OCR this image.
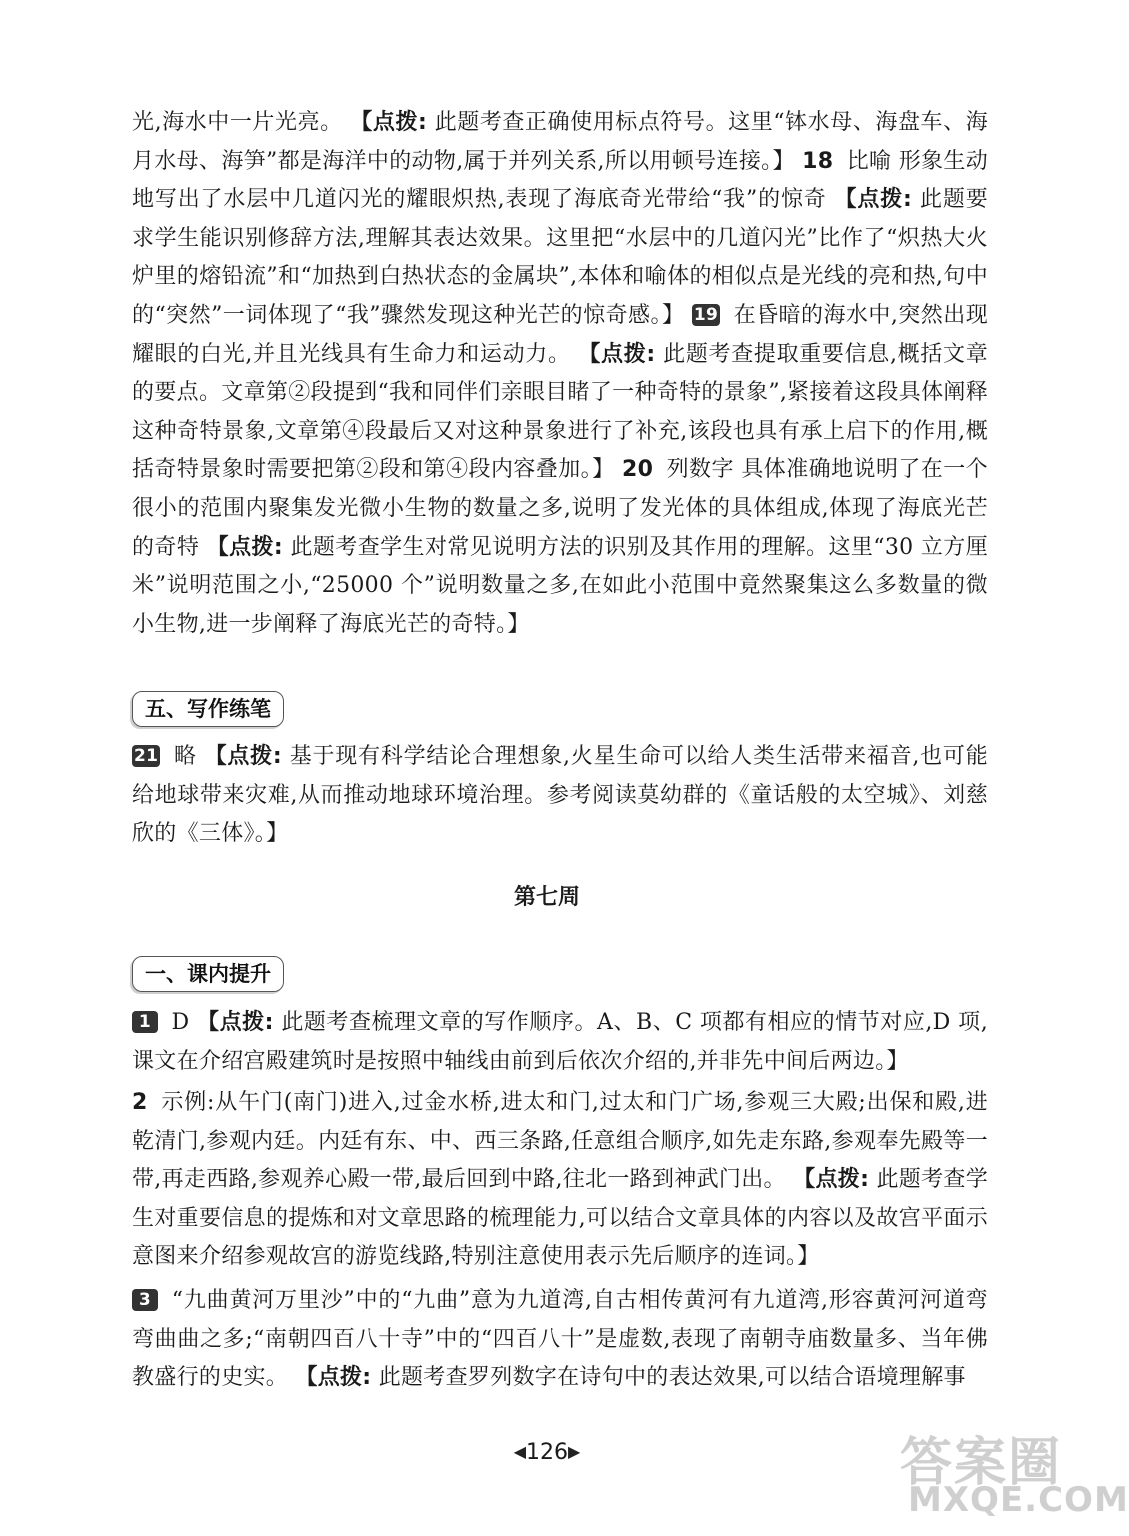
光,海水中一片光亮。 【点拨: 此题考查正确使用标点符号。这里“钵水母、海盘车、海月水母、海笋”都是海洋中的动物,属于并列关系,所以用顿号连接。】 18 比喻 形象生动地写出了水层中几道闪光的耀眼炽热,表现了海底奇光带给“我”的惊奇 【点拨: 此题要求学生能识别修辞方法,理解其表达效果。这里把“水层中的几道闪光”比作了“炽热大火炉里的熔铅流”和“加热到白热状态的金属块”,本体和喻体的相似点是光线的亮和热,句中的“突然”一词体现了“我”骤然发现这种光芒的惊奇感。】 19 在昏暗的海水中,突然出现耀眼的白光,并且光线具有生命力和运动力。 【点拨: 此题考查提取重要信息,概括文章的要点。文章第②段提到“我和同伴们亲眼目睹了一种奇特的景象”,紧接着这段具体阐释这种奇特景象,文章第④段最后又对这种景象进行了补充,该段也具有承上启下的作用,概括奇特景象时需要把第②段和第④段内容叠加。】 20 列数字 具体准确地说明了在一个很小的范围内聚集发光微小生物的数量之多,说明了发光体的具体组成,体现了海底光芒的奇特 【点拨: 此题考查学生对常见说明方法的识别及其作用的理解。这里“30 立方厘米”说明范围之小,“25000 个”说明数量之多,在如此小范围中竟然聚集这么多数量的微小生物,进一步阐释了海底光芒的奇特。】
五、写作练笔
21 略 【点拨: 基于现有科学结论合理想象,火星生命可以给人类生活带来福音,也可能给地球带来灾难,从而推动地球环境治理。参考阅读莫幼群的《童话般的太空城》、刘慈欣的《三体》。】
第七周
一、课内提升
1 D 【点拨: 此题考查梳理文章的写作顺序。A、B、C 项都有相应的情节对应,D 项,课文在介绍宫殿建筑时是按照中轴线由前到后依次介绍的,并非先中间后两边。】
2 示例:从午门(南门)进入,过金水桥,进太和门,过太和门广场,参观三大殿;出保和殿,进乾清门,参观内廷。内廷有东、中、西三条路,任意组合顺序,如先走东路,参观奉先殿等一带,再走西路,参观养心殿一带,最后回到中路,往北一路到神武门出。 【点拨: 此题考查学生对重要信息的提炼和对文章思路的梳理能力,可以结合文章具体的内容以及故宫平面示意图来介绍参观故宫的游览线路,特别注意使用表示先后顺序的连词。】
3 “九曲黄河万里沙”中的“九曲”意为九道湾,自古相传黄河有九道湾,形容黄河河道弯弯曲曲之多;“南朝四百八十寺”中的“四百八十”是虚数,表现了南朝寺庙数量多、当年佛教盛行的史实。 【点拨: 此题考查罗列数字在诗句中的表达效果,可以结合语境理解事
◀126▶	答案圈
MXQE.COM
